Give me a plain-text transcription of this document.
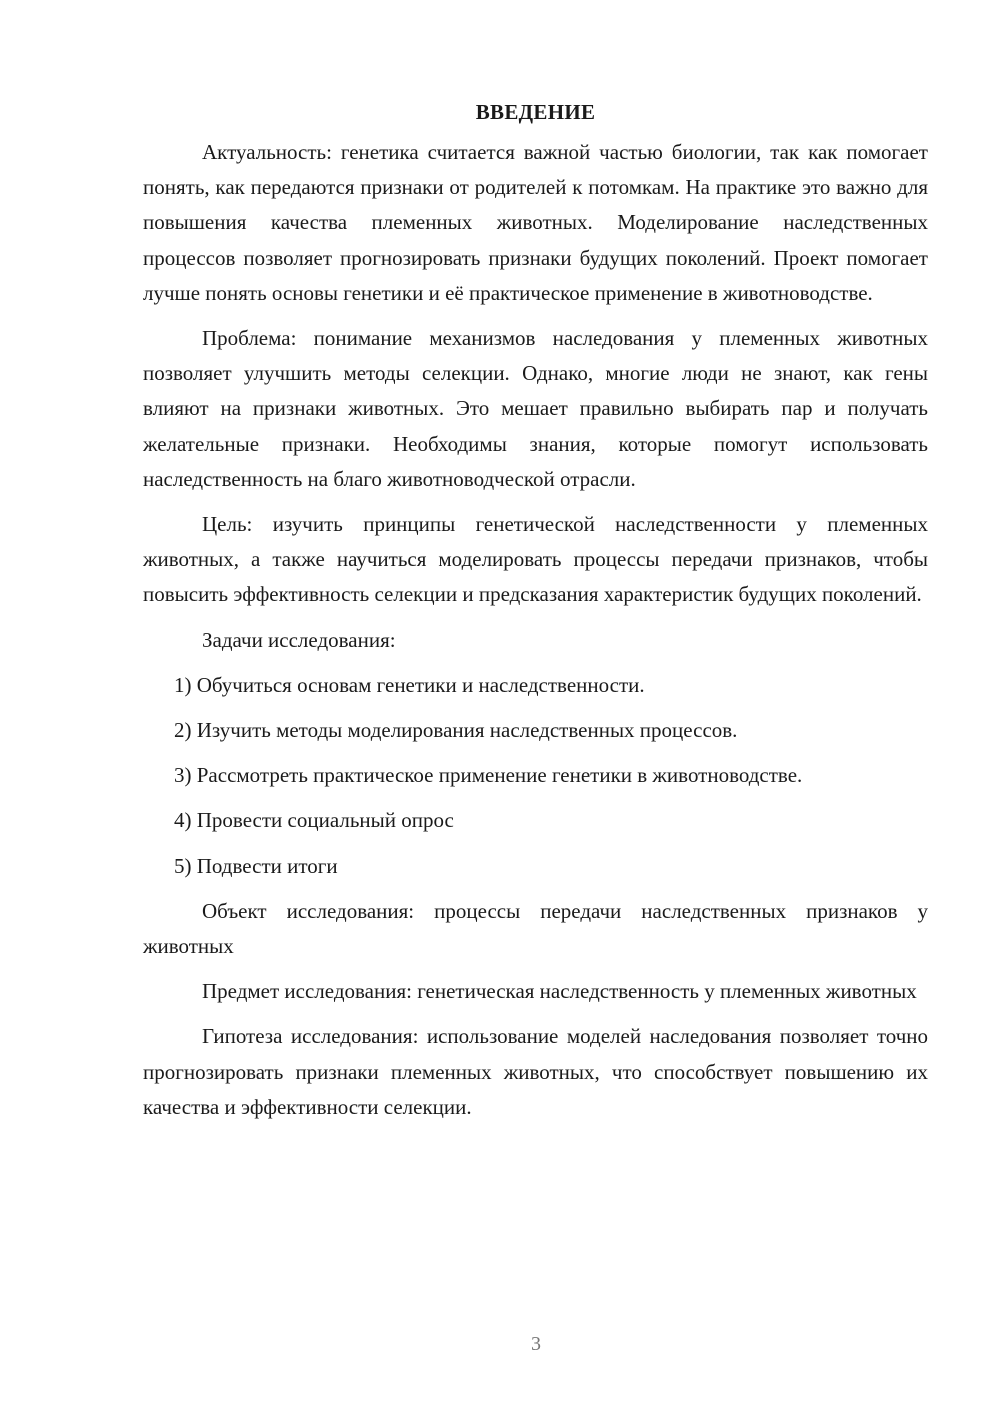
ВВЕДЕНИЕ

Актуальность: генетика считается важной частью биологии, так как помогает понять, как передаются признаки от родителей к потомкам. На практике это важно для повышения качества племенных животных. Моделирование наследственных процессов позволяет прогнозировать признаки будущих поколений. Проект помогает лучше понять основы генетики и её практическое применение в животноводстве.

Проблема: понимание механизмов наследования у племенных животных позволяет улучшить методы селекции. Однако, многие люди не знают, как гены влияют на признаки животных. Это мешает правильно выбирать пар и получать желательные признаки. Необходимы знания, которые помогут использовать наследственность на благо животноводческой отрасли.

Цель: изучить принципы генетической наследственности у племенных животных, а также научиться моделировать процессы передачи признаков, чтобы повысить эффективность селекции и предсказания характеристик будущих поколений.

Задачи исследования:

1) Обучиться основам генетики и наследственности.

2) Изучить методы моделирования наследственных процессов.

3) Рассмотреть практическое применение генетики в животноводстве.

4) Провести социальный опрос

5) Подвести итоги

Объект исследования: процессы передачи наследственных признаков у животных

Предмет исследования: генетическая наследственность у племенных животных

Гипотеза исследования: использование моделей наследования позволяет точно прогнозировать признаки племенных животных, что способствует повышению их качества и эффективности селекции.

3
